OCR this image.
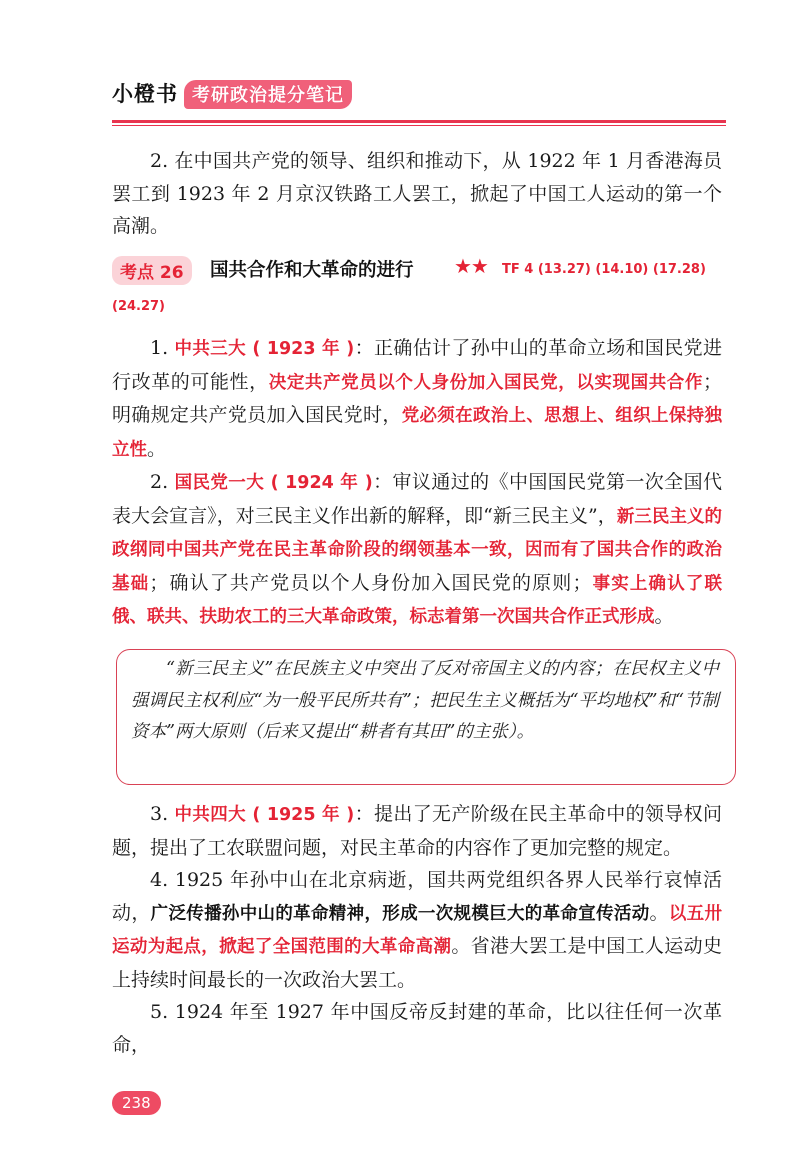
小橙书 考研政治提分笔记

2. 在中国共产党的领导、组织和推动下，从 1922 年 1 月香港海员罢工到 1923 年 2 月京汉铁路工人罢工，掀起了中国工人运动的第一个高潮。

考点 26	国共合作和大革命的进行 ★★ TF 4 (13.27) (14.10) (17.28)
(24.27)

1. 中共三大 ( 1923 年 )：正确估计了孙中山的革命立场和国民党进行改革的可能性，决定共产党员以个人身份加入国民党，以实现国共合作；明确规定共产党员加入国民党时，党必须在政治上、思想上、组织上保持独立性。

2. 国民党一大 ( 1924 年 )：审议通过的《中国国民党第一次全国代表大会宣言》，对三民主义作出新的解释，即“新三民主义”，新三民主义的政纲同中国共产党在民主革命阶段的纲领基本一致，因而有了国共合作的政治基础；确认了共产党员以个人身份加入国民党的原则；事实上确认了联俄、联共、扶助农工的三大革命政策，标志着第一次国共合作正式形成。

“新三民主义”在民族主义中突出了反对帝国主义的内容；在民权主义中强调民主权利应“为一般平民所共有”；把民生主义概括为“平均地权”和“节制资本”两大原则（后来又提出“耕者有其田”的主张）。

3. 中共四大 ( 1925 年 )：提出了无产阶级在民主革命中的领导权问题，提出了工农联盟问题，对民主革命的内容作了更加完整的规定。

4. 1925 年孙中山在北京病逝，国共两党组织各界人民举行哀悼活动，广泛传播孙中山的革命精神，形成一次规模巨大的革命宣传活动。以五卅运动为起点，掀起了全国范围的大革命高潮。省港大罢工是中国工人运动史上持续时间最长的一次政治大罢工。

5. 1924 年至 1927 年中国反帝反封建的革命，比以往任何一次革命，

238
